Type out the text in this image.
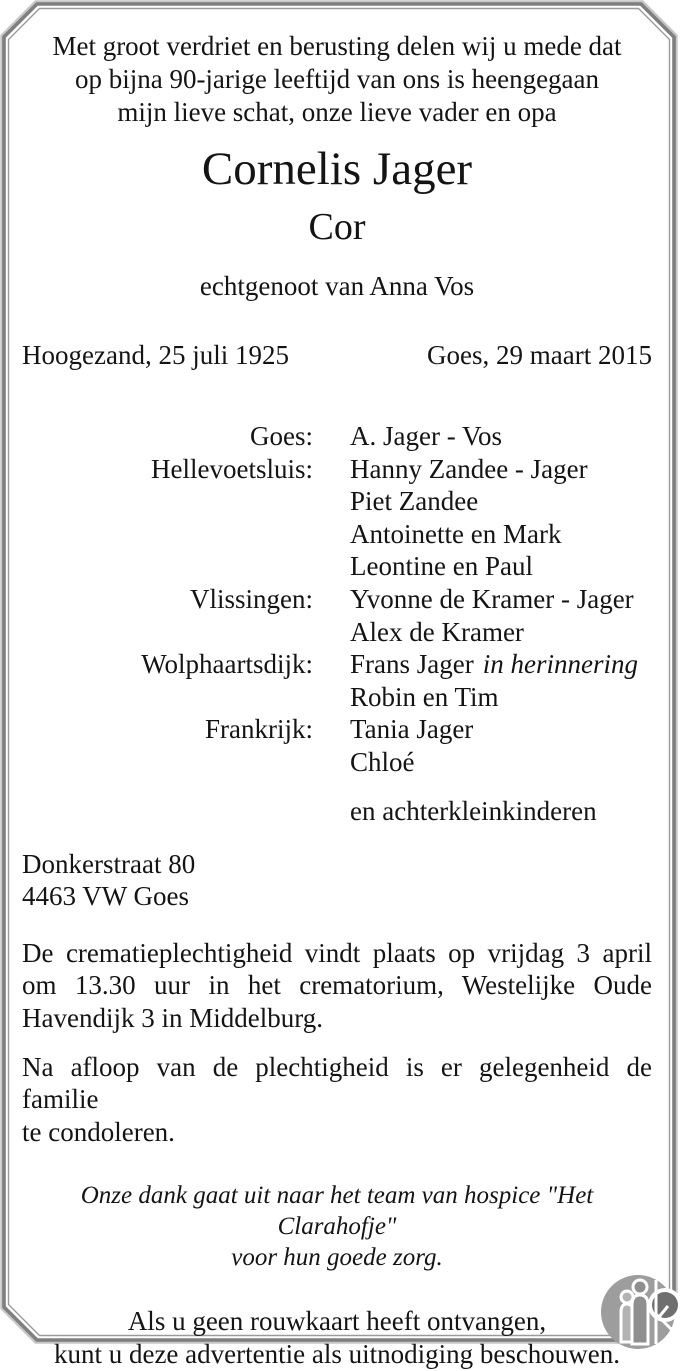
Met groot verdriet en berusting delen wij u mede dat
op bijna 90-jarige leeftijd van ons is heengegaan
mijn lieve schat, onze lieve vader en opa
Cornelis Jager
Cor
echtgenoot van Anna Vos
Hoogezand, 25 juli 1925	Goes, 29 maart 2015
Goes: A. Jager - Vos
Hellevoetsluis: Hanny Zandee - Jager
Piet Zandee
Antoinette en Mark
Leontine en Paul
Vlissingen: Yvonne de Kramer - Jager
Alex de Kramer
Wolphaartsdijk: Frans Jager in herinnering
Robin en Tim
Frankrijk: Tania Jager
Chloé
en achterkleinkinderen
Donkerstraat 80
4463 VW Goes
De crematieplechtigheid vindt plaats op vrijdag 3 april
om 13.30 uur in het crematorium, Westelijke Oude
Havendijk 3 in Middelburg.
Na afloop van de plechtigheid is er gelegenheid de familie
te condoleren.
Onze dank gaat uit naar het team van hospice "Het Clarahofje"
voor hun goede zorg.
Als u geen rouwkaart heeft ontvangen,
kunt u deze advertentie als uitnodiging beschouwen.
